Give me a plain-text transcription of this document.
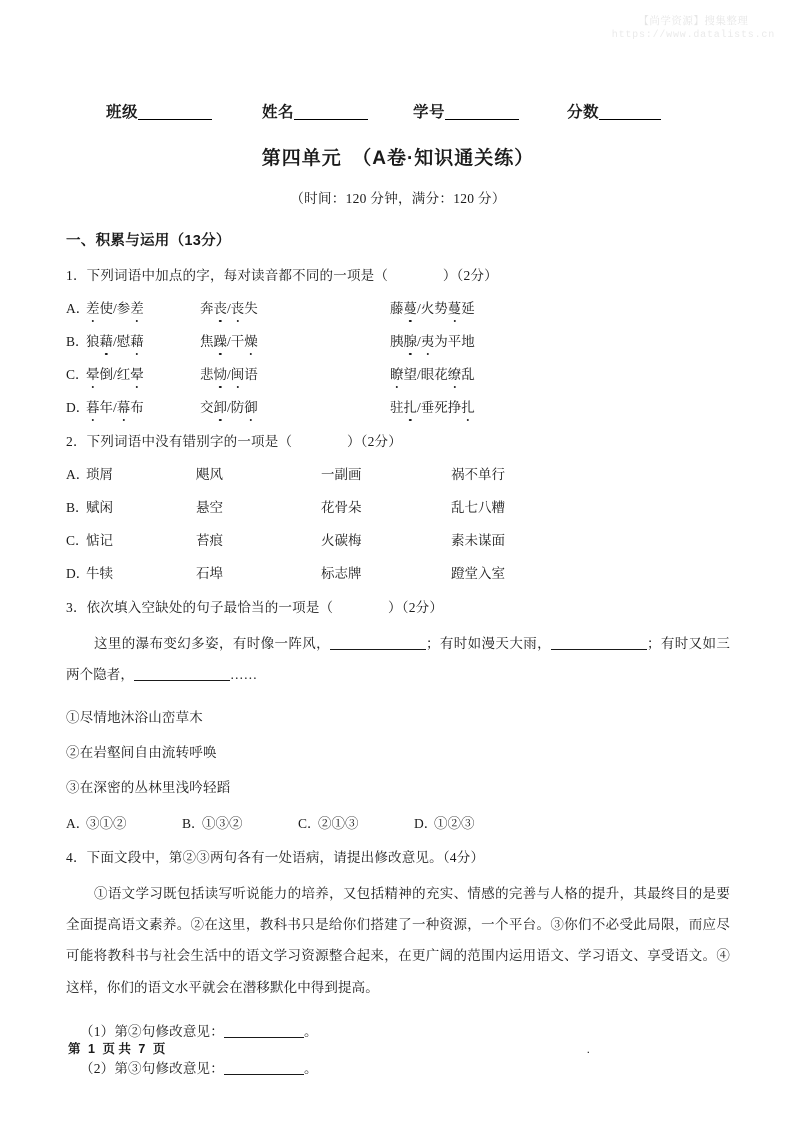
【尚学资源】搜集整理
https://www.datalists.cn
班级	姓名	学号	分数
第四单元　（A卷·知识通关练）
（时间：120 分钟，满分：120 分）
一、积累与运用（13分）
1．下列词语中加点的字，每对读音都不同的一项是（　　　　）（2分）
A．差使/参差	奔丧/丧失	藤蔓/火势蔓延
B．狼藉/慰藉	焦躁/干燥	胰腺/夷为平地
C．晕倒/红晕	悲恸/闽语	瞭望/眼花缭乱
D．暮年/幕布	交卸/防御	驻扎/垂死挣扎
2．下列词语中没有错别字的一项是（　　　　）（2分）
A．琐屑	飓风	一副画	祸不单行
B．赋闲	悬空	花骨朵	乱七八糟
C．惦记	苔痕	火碳梅	素未谋面
D．牛犊	石埠	标志牌	蹬堂入室
3．依次填入空缺处的句子最恰当的一项是（　　　　）（2分）
这里的瀑布变幻多姿，有时像一阵风，	；有时如漫天大雨，	；有时又如三两个隐者，	……
①尽情地沐浴山峦草木
②在岩壑间自由流转呼唤
③在深密的丛林里浅吟轻蹈
A．③①②	B．①③②	C．②①③	D．①②③
4．下面文段中，第②③两句各有一处语病，请提出修改意见。（4分）
①语文学习既包括读写听说能力的培养，又包括精神的充实、情感的完善与人格的提升，其最终目的是要全面提高语文素养。②在这里，教科书只是给你们搭建了一种资源，一个平台。③你们不必受此局限，而应尽可能将教科书与社会生活中的语文学习资源整合起来，在更广阔的范围内运用语文、学习语文、享受语文。④这样，你们的语文水平就会在潜移默化中得到提高。
（1）第②句修改意见：	。
（2）第③句修改意见：	。
第 1 页 共 7 页	.
